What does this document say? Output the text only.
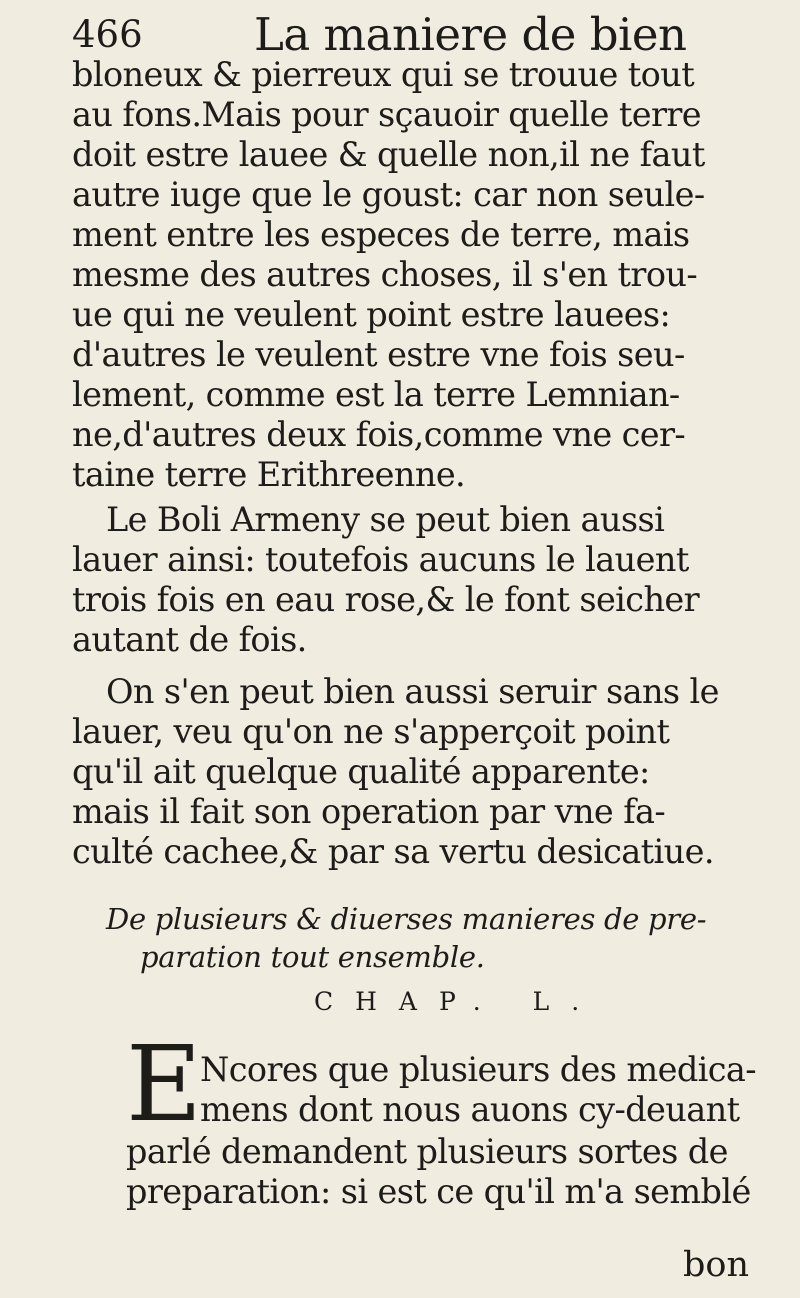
466 La maniere de bien
bloneux & pierreux qui se trouue tout
au fons.Mais pour sçauoir quelle terre
doit estre lauee & quelle non,il ne faut
autre iuge que le goust: car non seule-
ment entre les especes de terre, mais
mesme des autres choses, il s'en trou-
ue qui ne veulent point estre lauees:
d'autres le veulent estre vne fois seu-
lement, comme est la terre Lemnian-
ne,d'autres deux fois,comme vne cer-
taine terre Erithreenne.
Le Boli Armeny se peut bien aussi
lauer ainsi: toutefois aucuns le lauent
trois fois en eau rose,& le font seicher
autant de fois.
On s'en peut bien aussi seruir sans le
lauer, veu qu'on ne s'apperçoit point
qu'il ait quelque qualité apparente:
mais il fait son operation par vne fa-
culté cachee,& par sa vertu desicatiue.
De plusieurs & diuerses manieres de pre-
paration tout ensemble.
CHAP. L.
E
Ncores que plusieurs des medica-
mens dont nous auons cy-deuant
parlé demandent plusieurs sortes de
preparation: si est ce qu'il m'a semblé
bon
